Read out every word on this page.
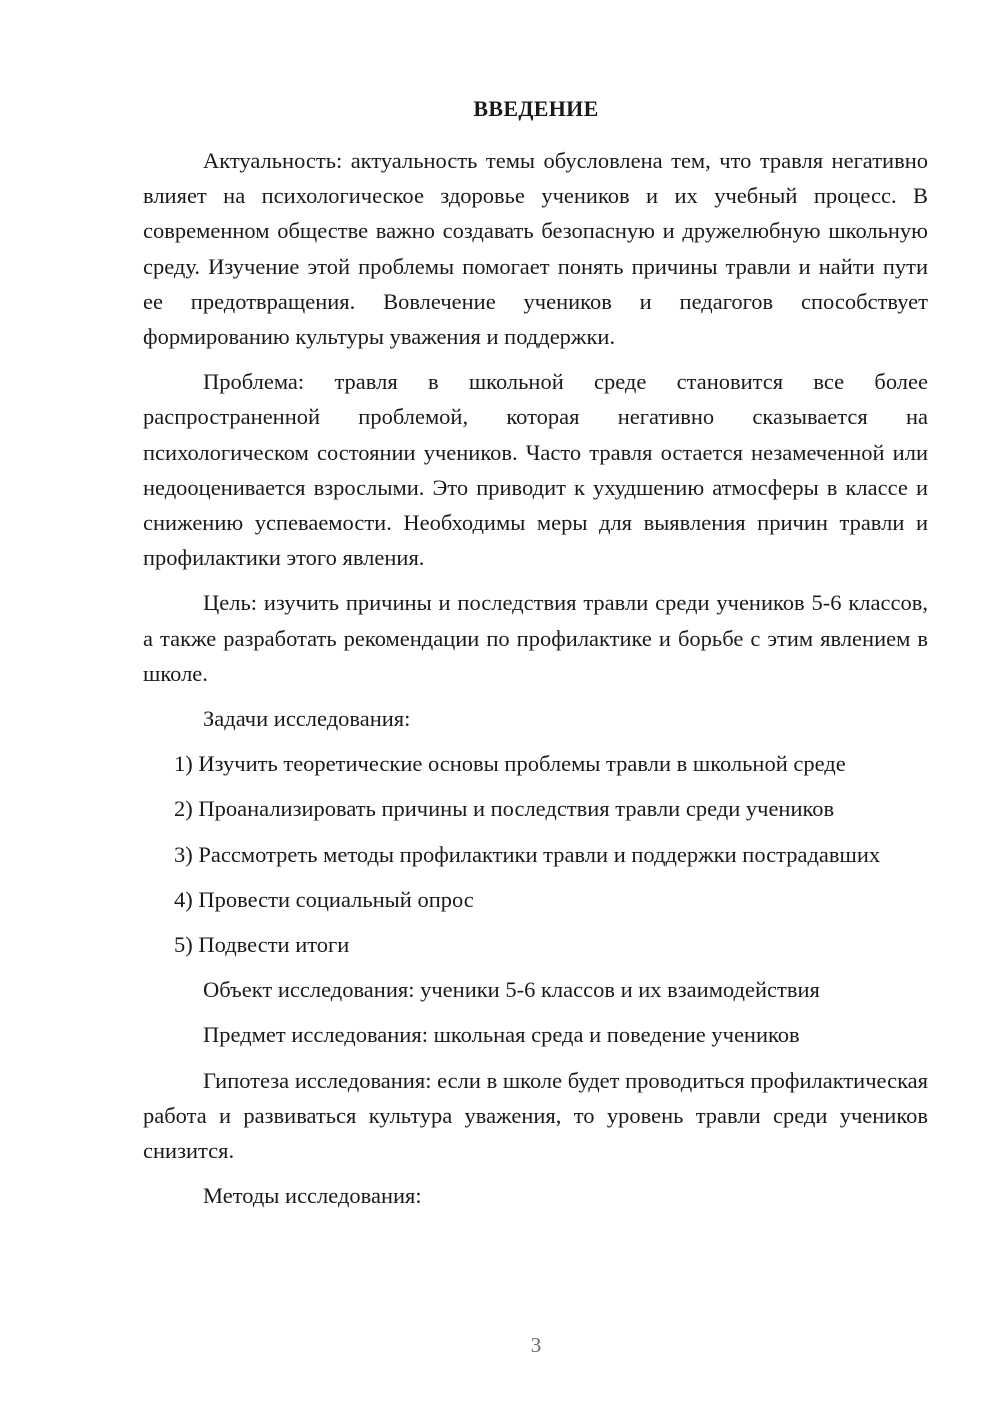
ВВЕДЕНИЕ

Актуальность: актуальность темы обусловлена тем, что травля негативно влияет на психологическое здоровье учеников и их учебный процесс. В современном обществе важно создавать безопасную и дружелюбную школьную среду. Изучение этой проблемы помогает понять причины травли и найти пути ее предотвращения. Вовлечение учеников и педагогов способствует формированию культуры уважения и поддержки.

Проблема: травля в школьной среде становится все более распространенной проблемой, которая негативно сказывается на психологическом состоянии учеников. Часто травля остается незамеченной или недооценивается взрослыми. Это приводит к ухудшению атмосферы в классе и снижению успеваемости. Необходимы меры для выявления причин травли и профилактики этого явления.

Цель: изучить причины и последствия травли среди учеников 5-6 классов, а также разработать рекомендации по профилактике и борьбе с этим явлением в школе.

Задачи исследования:

1) Изучить теоретические основы проблемы травли в школьной среде

2) Проанализировать причины и последствия травли среди учеников

3) Рассмотреть методы профилактики травли и поддержки пострадавших

4) Провести социальный опрос

5) Подвести итоги

Объект исследования: ученики 5-6 классов и их взаимодействия

Предмет исследования: школьная среда и поведение учеников

Гипотеза исследования: если в школе будет проводиться профилактическая работа и развиваться культура уважения, то уровень травли среди учеников снизится.

Методы исследования:

3
